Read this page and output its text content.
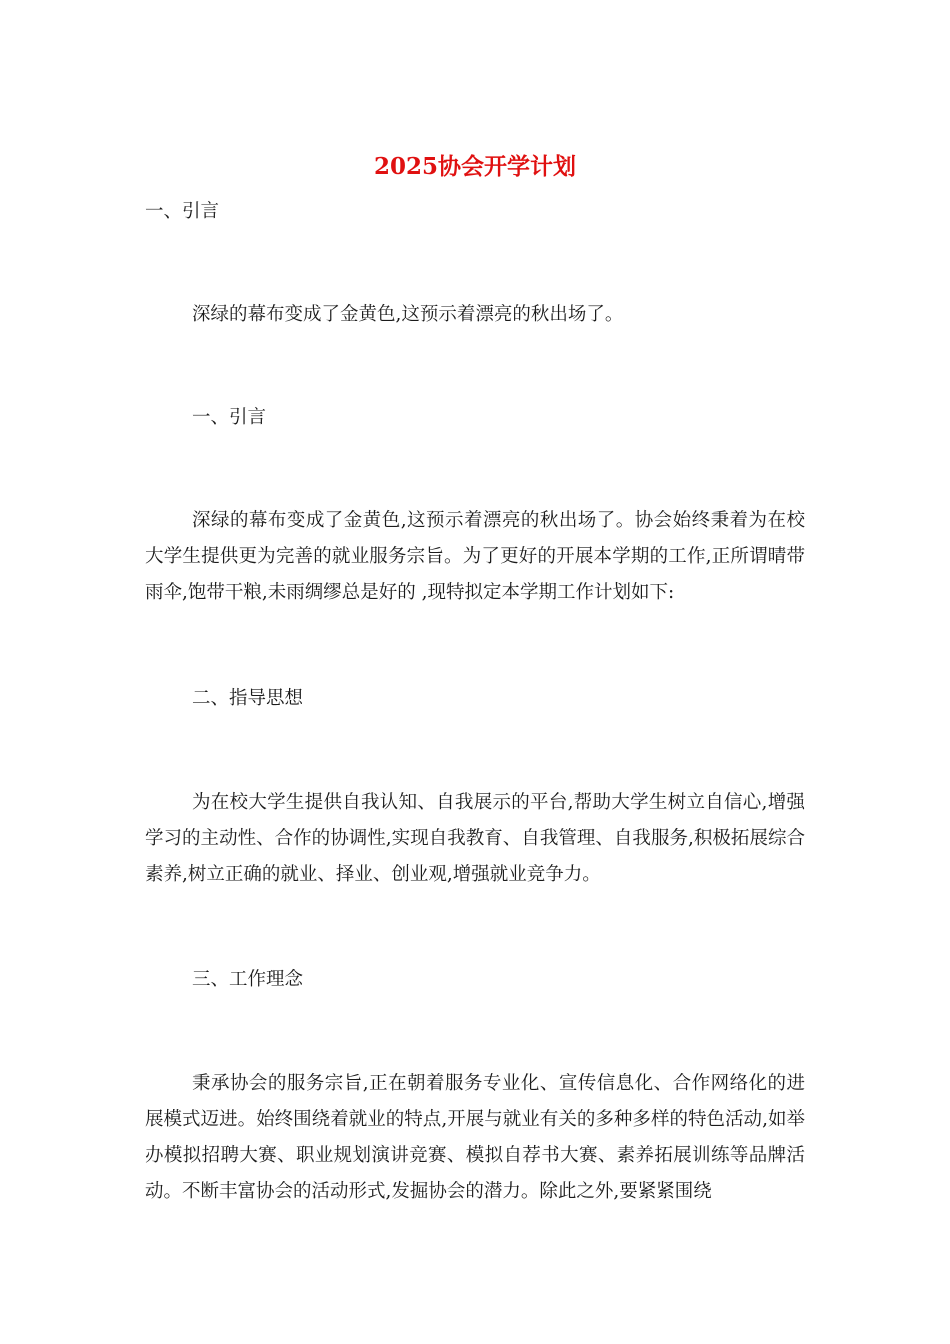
2025协会开学计划

一、引言

深绿的幕布变成了金黄色,这预示着漂亮的秋出场了。

一、引言

深绿的幕布变成了金黄色,这预示着漂亮的秋出场了。协会始终秉着为在校大学生提供更为完善的就业服务宗旨。为了更好的开展本学期的工作,正所谓晴带雨伞,饱带干粮,未雨绸缪总是好的 ,现特拟定本学期工作计划如下:

二、指导思想

为在校大学生提供自我认知、自我展示的平台,帮助大学生树立自信心,增强学习的主动性、合作的协调性,实现自我教育、自我管理、自我服务,积极拓展综合素养,树立正确的就业、择业、创业观,增强就业竞争力。

三、工作理念

秉承协会的服务宗旨,正在朝着服务专业化、宣传信息化、合作网络化的进展模式迈进。始终围绕着就业的特点,开展与就业有关的多种多样的特色活动,如举办模拟招聘大赛、职业规划演讲竞赛、模拟自荐书大赛、素养拓展训练等品牌活动。不断丰富协会的活动形式,发掘协会的潜力。除此之外,要紧紧围绕
